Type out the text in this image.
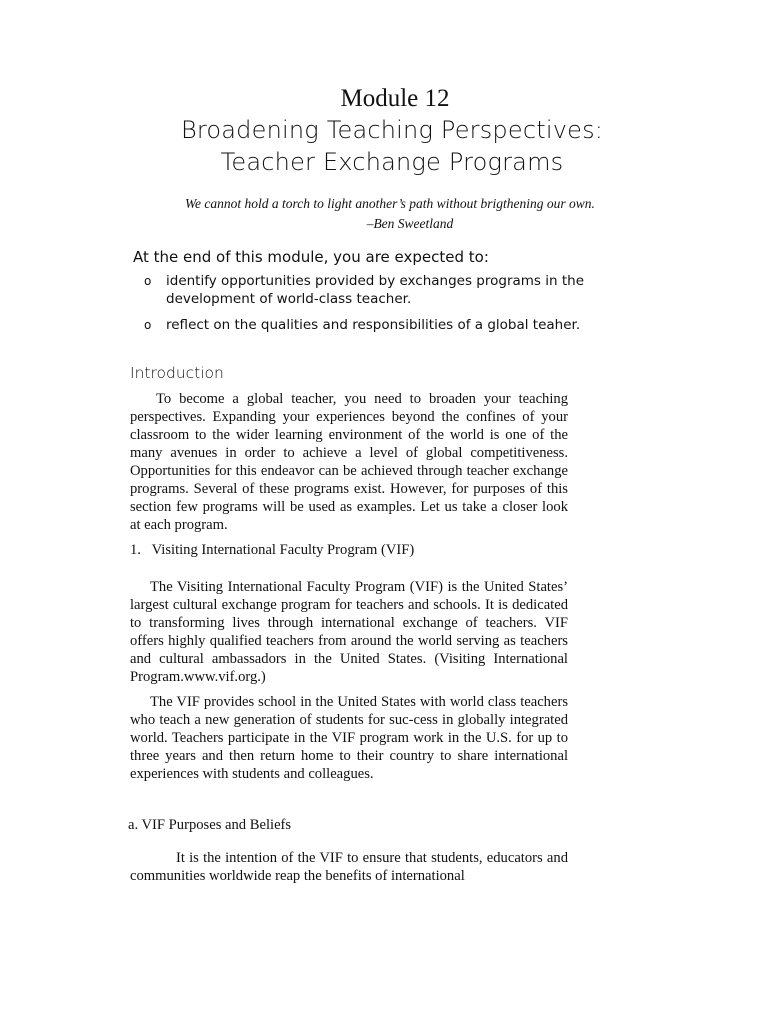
Module 12
Broadening Teaching Perspectives:
Teacher Exchange Programs
We cannot hold a torch to light another’s path without brigthening our own.
–Ben Sweetland
At the end of this module, you are expected to:
o identify opportunities provided by exchanges programs in the development of world-class teacher.
o reflect on the qualities and responsibilities of a global teaher.
Introduction

To become a global teacher, you need to broaden your teaching perspectives. Expanding your experiences beyond the confines of your classroom to the wider learning environment of the world is one of the many avenues in order to achieve a level of global competitiveness. Opportunities for this endeavor can be achieved through teacher exchange programs. Several of these programs exist. However, for purposes of this section few programs will be used as examples. Let us take a closer look at each program.

1.   Visiting International Faculty Program (VIF)

The Visiting International Faculty Program (VIF) is the United States’ largest cultural exchange program for teachers and schools. It is dedicated to transforming lives through international exchange of teachers. VIF offers highly qualified teachers from around the world serving as teachers and cultural ambassadors in the United States. (Visiting International Program.www.vif.org.)

The VIF provides school in the United States with world class teachers who teach a new generation of students for suc-cess in globally integrated world. Teachers participate in the VIF program work in the U.S. for up to three years and then return home to their country to share international experiences with students and colleagues.

a. VIF Purposes and Beliefs

It is the intention of the VIF to ensure that students, educators and communities worldwide reap the benefits of international
